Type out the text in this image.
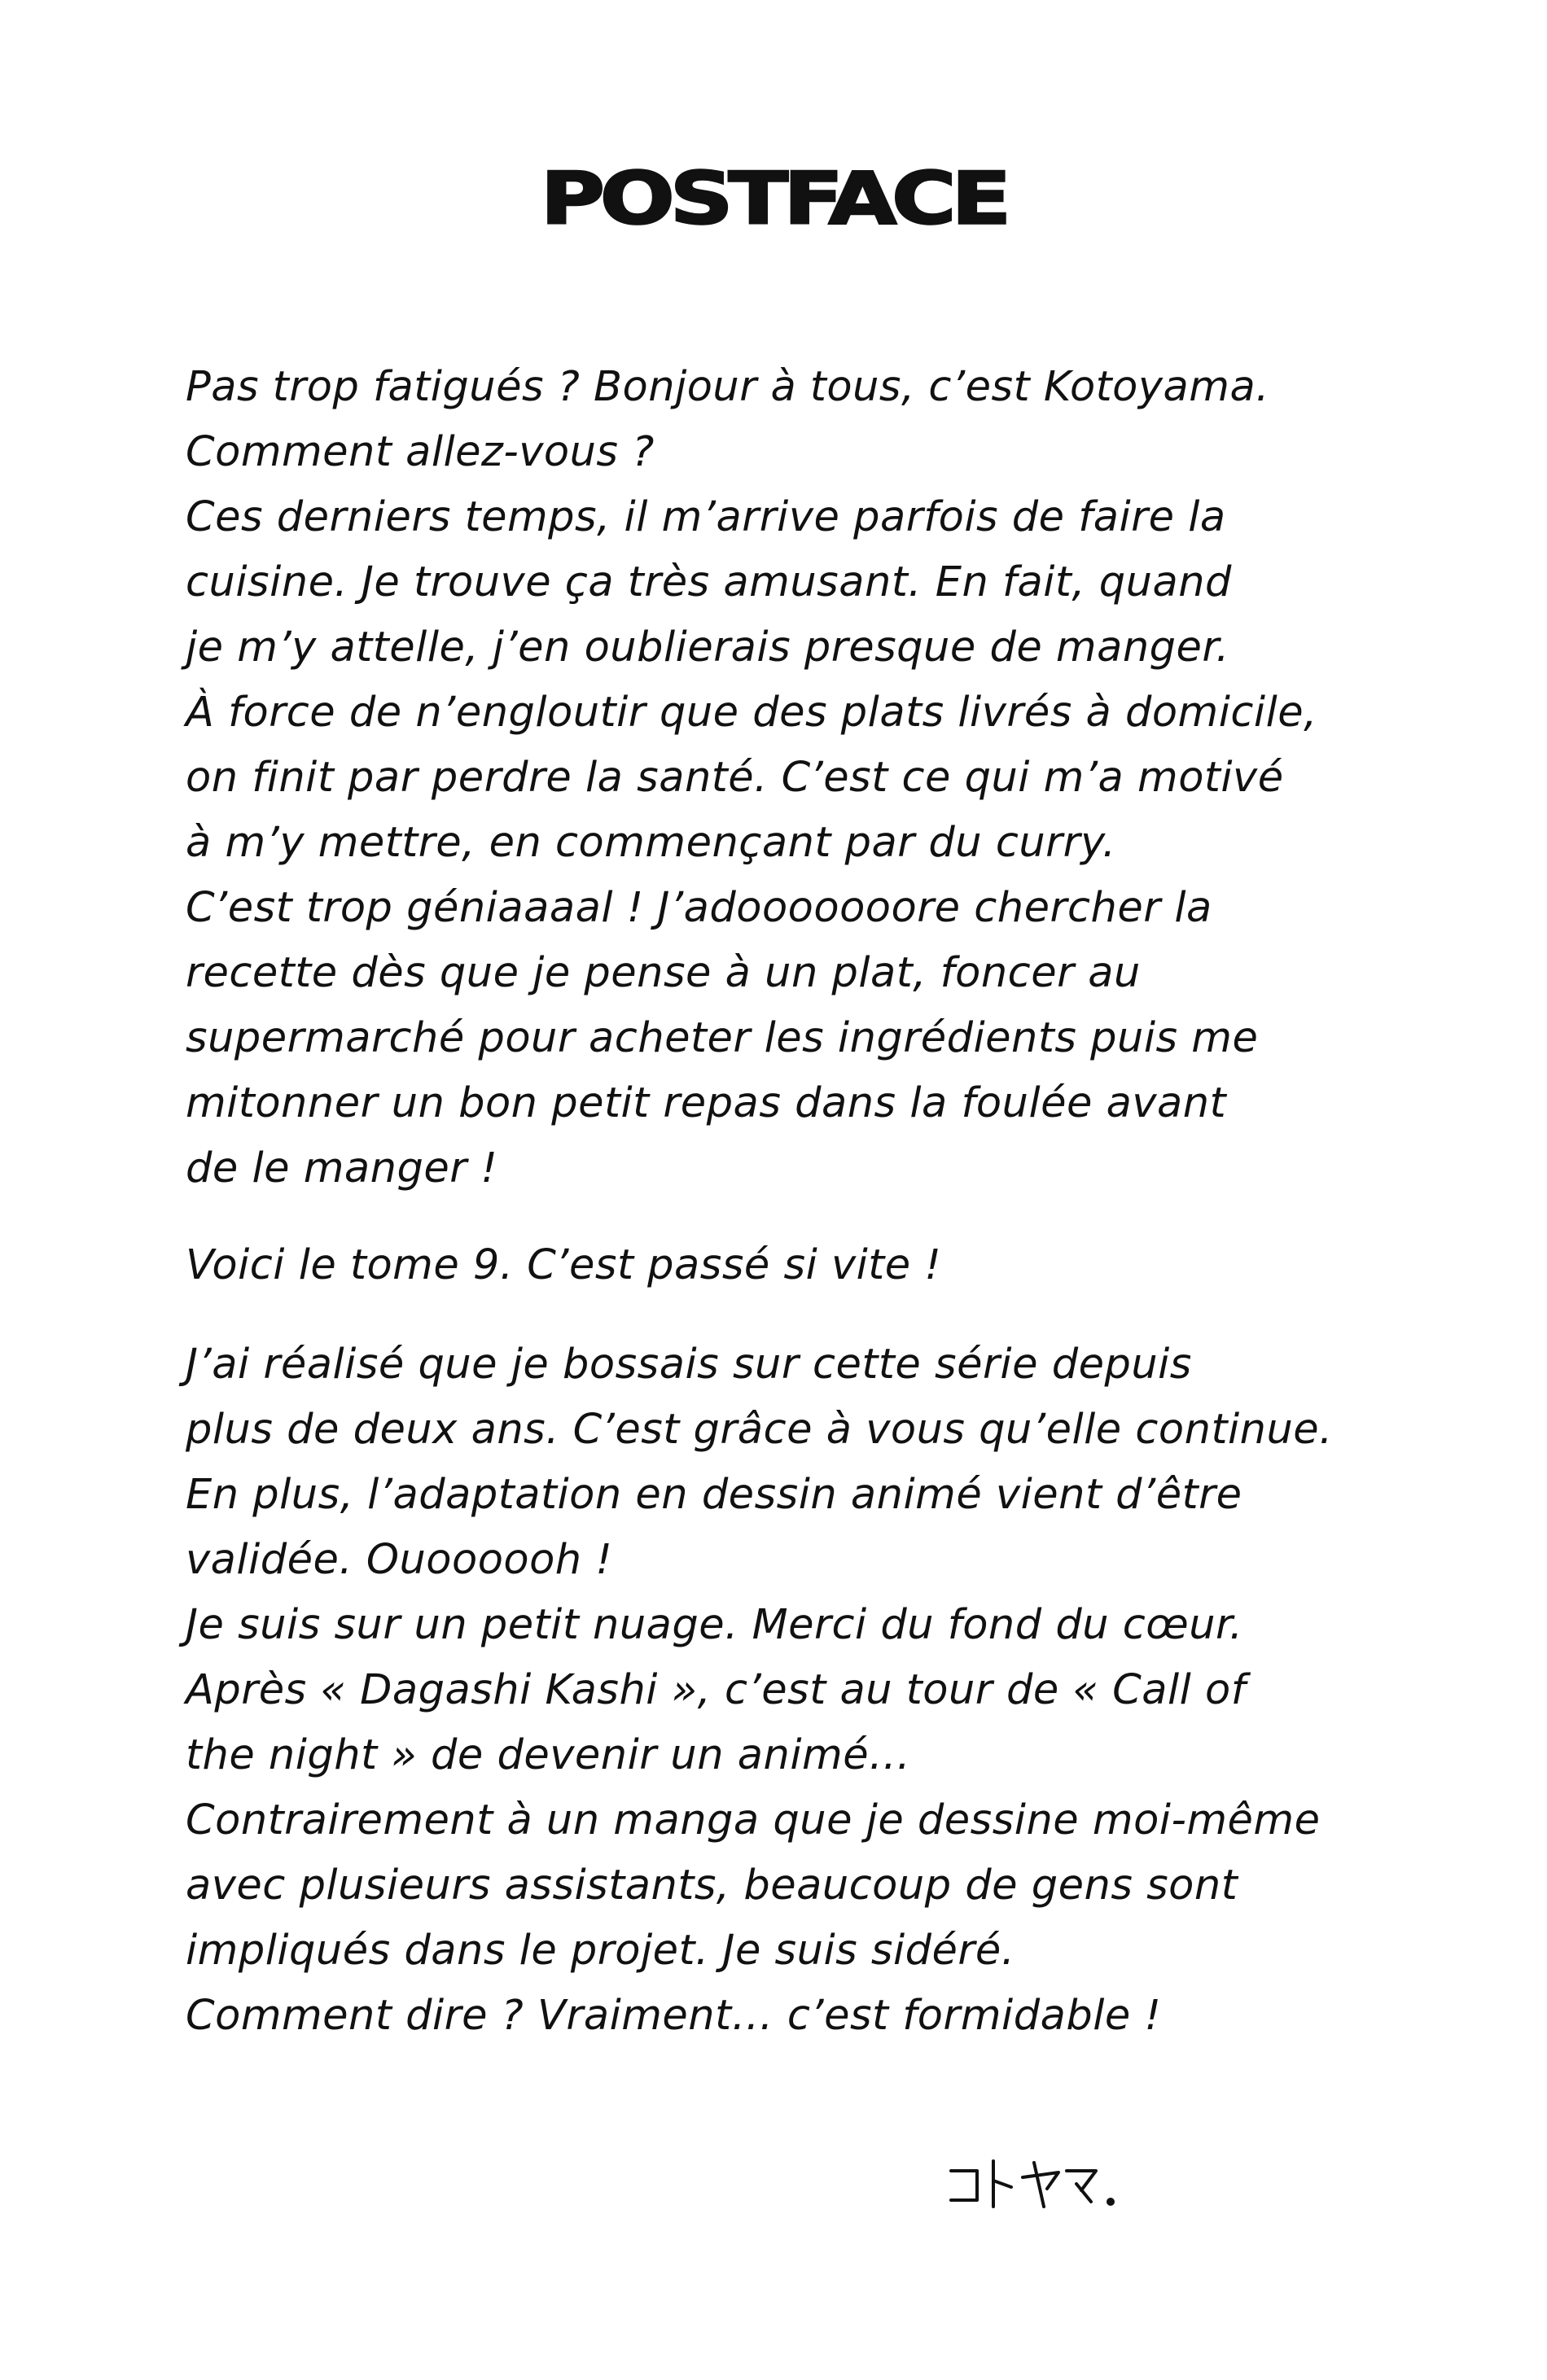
POSTFACE
Pas trop fatigués ? Bonjour à tous, c’est Kotoyama.
Comment allez-vous ?
Ces derniers temps, il m’arrive parfois de faire la
cuisine. Je trouve ça très amusant. En fait, quand
je m’y attelle, j’en oublierais presque de manger.
À force de n’engloutir que des plats livrés à domicile,
on finit par perdre la santé. C’est ce qui m’a motivé
à m’y mettre, en commençant par du curry.
C’est trop géniaaaal ! J’adooooooore chercher la
recette dès que je pense à un plat, foncer au
supermarché pour acheter les ingrédients puis me
mitonner un bon petit repas dans la foulée avant
de le manger !
Voici le tome 9. C’est passé si vite !
J’ai réalisé que je bossais sur cette série depuis
plus de deux ans. C’est grâce à vous qu’elle continue.
En plus, l’adaptation en dessin animé vient d’être
validée. Ouoooooh !
Je suis sur un petit nuage. Merci du fond du cœur.
Après « Dagashi Kashi », c’est au tour de « Call of
the night » de devenir un animé…
Contrairement à un manga que je dessine moi-même
avec plusieurs assistants, beaucoup de gens sont
impliqués dans le projet. Je suis sidéré.
Comment dire ? Vraiment… c’est formidable !
